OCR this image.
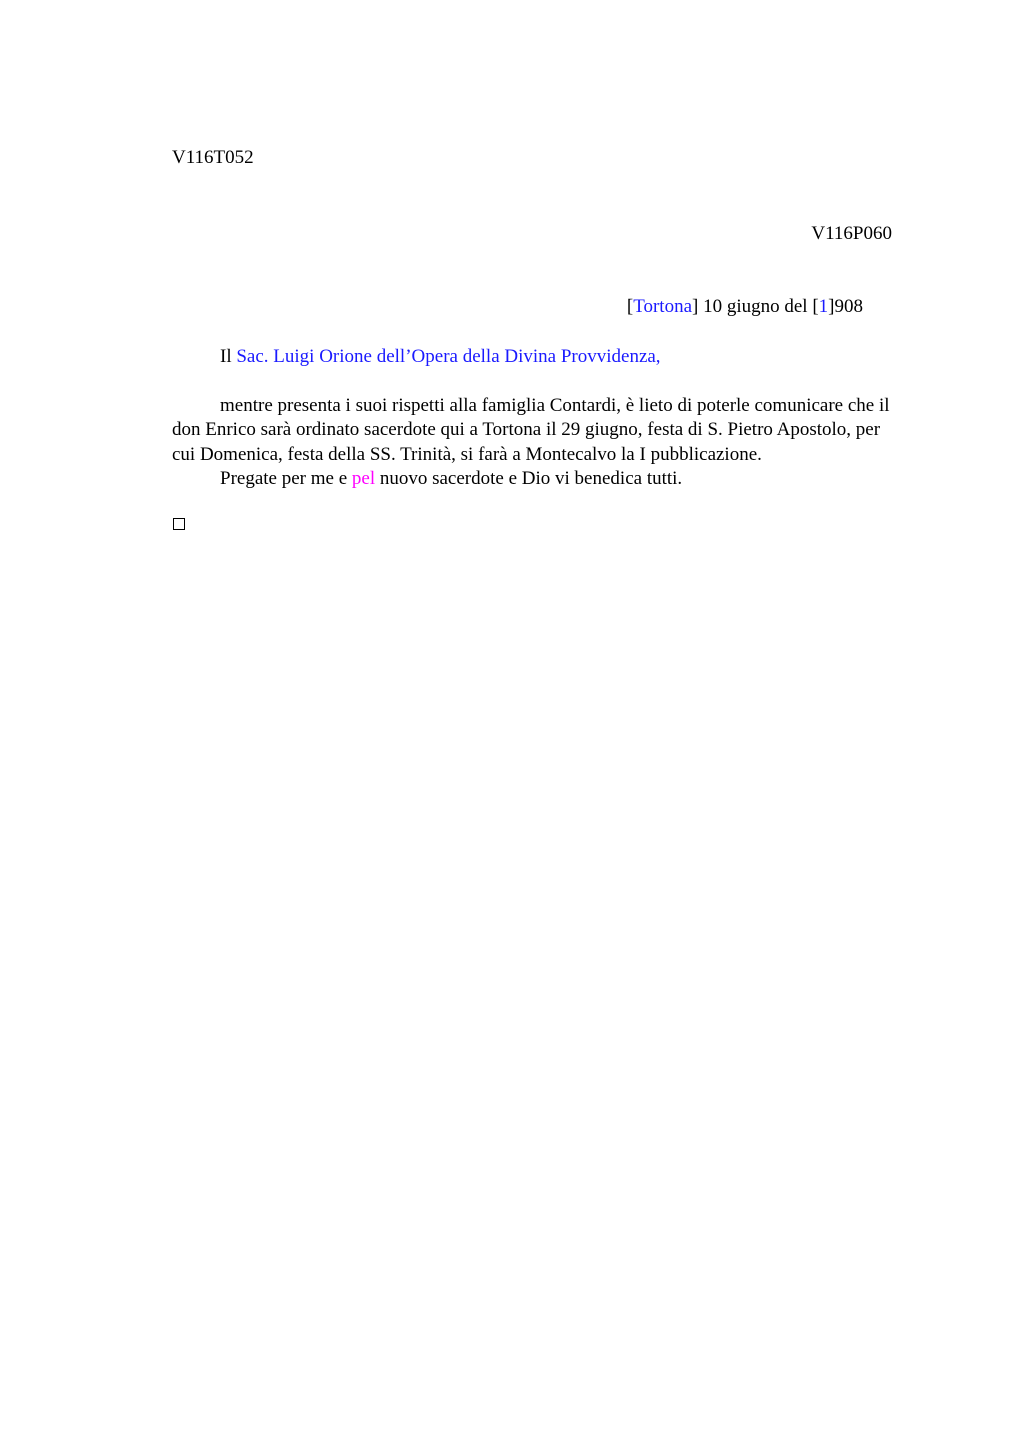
V116T052
V116P060
[Tortona] 10 giugno del [1]908
Il Sac. Luigi Orione dell’Opera della Divina Provvidenza,

mentre presenta i suoi rispetti alla famiglia Contardi, è lieto di poterle comunicare che il don Enrico sarà ordinato sacerdote qui a Tortona il 29 giugno, festa di S. Pietro Apostolo, per cui Domenica, festa della SS. Trinità, si farà a Montecalvo la I pubblicazione.

Pregate per me e pel nuovo sacerdote e Dio vi benedica tutti.
